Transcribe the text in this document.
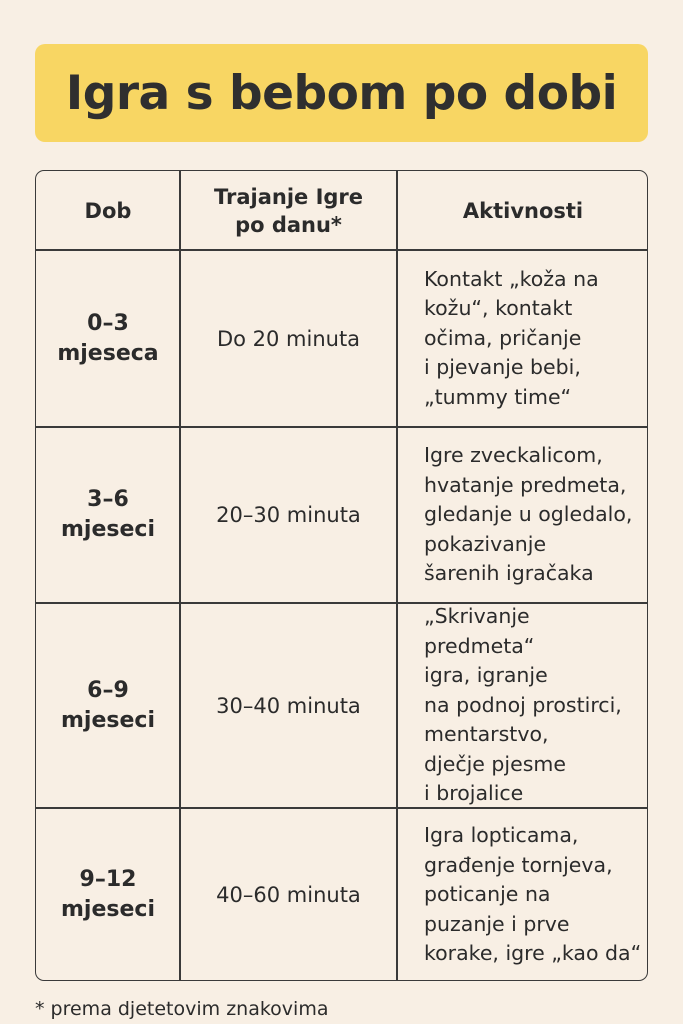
Igra s bebom po dobi
Dob
Trajanje Igre
po danu*
Aktivnosti
0–3
mjeseca
Do 20 minuta
Kontakt „koža na
kožu“, kontakt
očima, pričanje
i pjevanje bebi,
„tummy time“
3–6
mjeseci
20–30 minuta
Igre zveckalicom,
hvatanje predmeta,
gledanje u ogledalo,
pokazivanje
šarenih igračaka
6–9
mjeseci
30–40 minuta
„Skrivanje predmeta“
igra, igranje
na podnoj prostirci,
mentarstvo,
dječje pjesme
i brojalice
9–12
mjeseci
40–60 minuta
Igra lopticama,
građenje tornjeva,
poticanje na
puzanje i prve
korake, igre „kao da“
* prema djetetovim znakovima
